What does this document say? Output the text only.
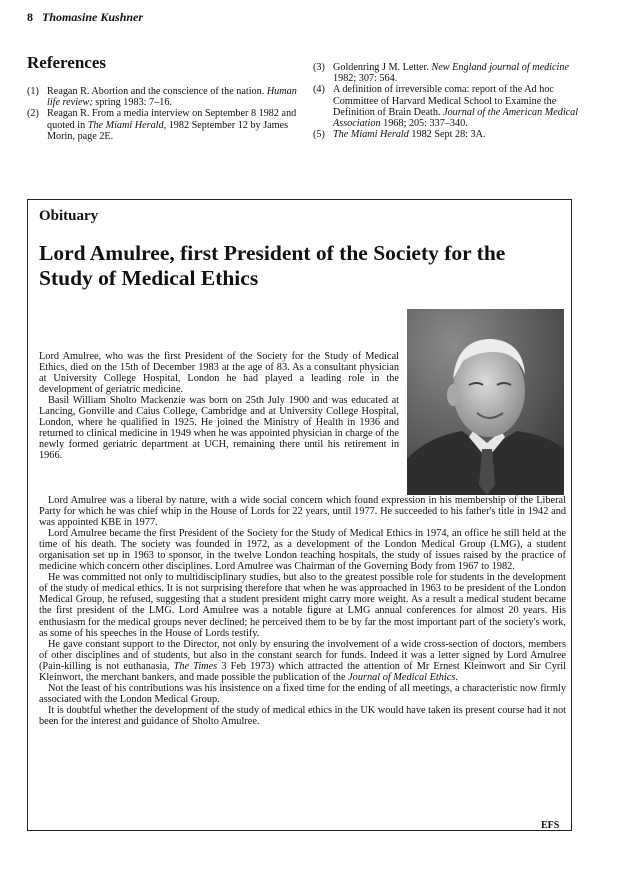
8 Thomasine Kushner
References
(1) Reagan R. Abortion and the conscience of the nation. Human life review; spring 1983: 7–16.
(2) Reagan R. From a media interview on September 8 1982 and quoted in The Miami Herald, 1982 September 12 by James Morin, page 2E.
(3) Goldenring J M. Letter. New England journal of medicine 1982; 307: 564.
(4) A definition of irreversible coma: report of the Ad hoc Committee of Harvard Medical School to Examine the Definition of Brain Death. Journal of the American Medical Association 1968; 205: 337–340.
(5) The Miami Herald 1982 Sept 28: 3A.
Obituary
Lord Amulree, first President of the Society for the Study of Medical Ethics

Lord Amulree, who was the first President of the Society for the Study of Medical Ethics, died on the 15th of December 1983 at the age of 83. As a consultant physician at University College Hospital, London he had played a leading role in the development of geriatric medicine.

Basil William Sholto Mackenzie was born on 25th July 1900 and was educated at Lancing, Gonville and Caius College, Cambridge and at University College Hospital, London, where he qualified in 1925. He joined the Ministry of Health in 1936 and returned to clinical medicine in 1949 when he was appointed physician in charge of the newly formed geriatric department at UCH, remaining there until his retirement in 1966.

Lord Amulree was a liberal by nature, with a wide social concern which found expression in his membership of the Liberal Party for which he was chief whip in the House of Lords for 22 years, until 1977. He succeeded to his father's title in 1942 and was appointed KBE in 1977.

Lord Amulree became the first President of the Society for the Study of Medical Ethics in 1974, an office he still held at the time of his death. The society was founded in 1972, as a development of the London Medical Group (LMG), a student organisation set up in 1963 to sponsor, in the twelve London teaching hospitals, the study of issues raised by the practice of medicine which concern other disciplines. Lord Amulree was Chairman of the Governing Body from 1967 to 1982.

He was committed not only to multidisciplinary studies, but also to the greatest possible role for students in the development of the study of medical ethics. It is not surprising therefore that when he was approached in 1963 to be president of the London Medical Group, he refused, suggesting that a student president might carry more weight. As a result a medical student became the first president of the LMG. Lord Amulree was a notable figure at LMG annual conferences for almost 20 years. His enthusiasm for the medical groups never declined; he perceived them to be by far the most important part of the society's work, as some of his speeches in the House of Lords testify.

He gave constant support to the Director, not only by ensuring the involvement of a wide cross-section of doctors, members of other disciplines and of students, but also in the constant search for funds. Indeed it was a letter signed by Lord Amulree (Pain-killing is not euthanasia, The Times 3 Feb 1973) which attracted the attention of Mr Ernest Kleinwort and Sir Cyril Kleinwort, the merchant bankers, and made possible the publication of the Journal of Medical Ethics.

Not the least of his contributions was his insistence on a fixed time for the ending of all meetings, a characteristic now firmly associated with the London Medical Group.

It is doubtful whether the development of the study of medical ethics in the UK would have taken its present course had it not been for the interest and guidance of Sholto Amulree.

EFS
